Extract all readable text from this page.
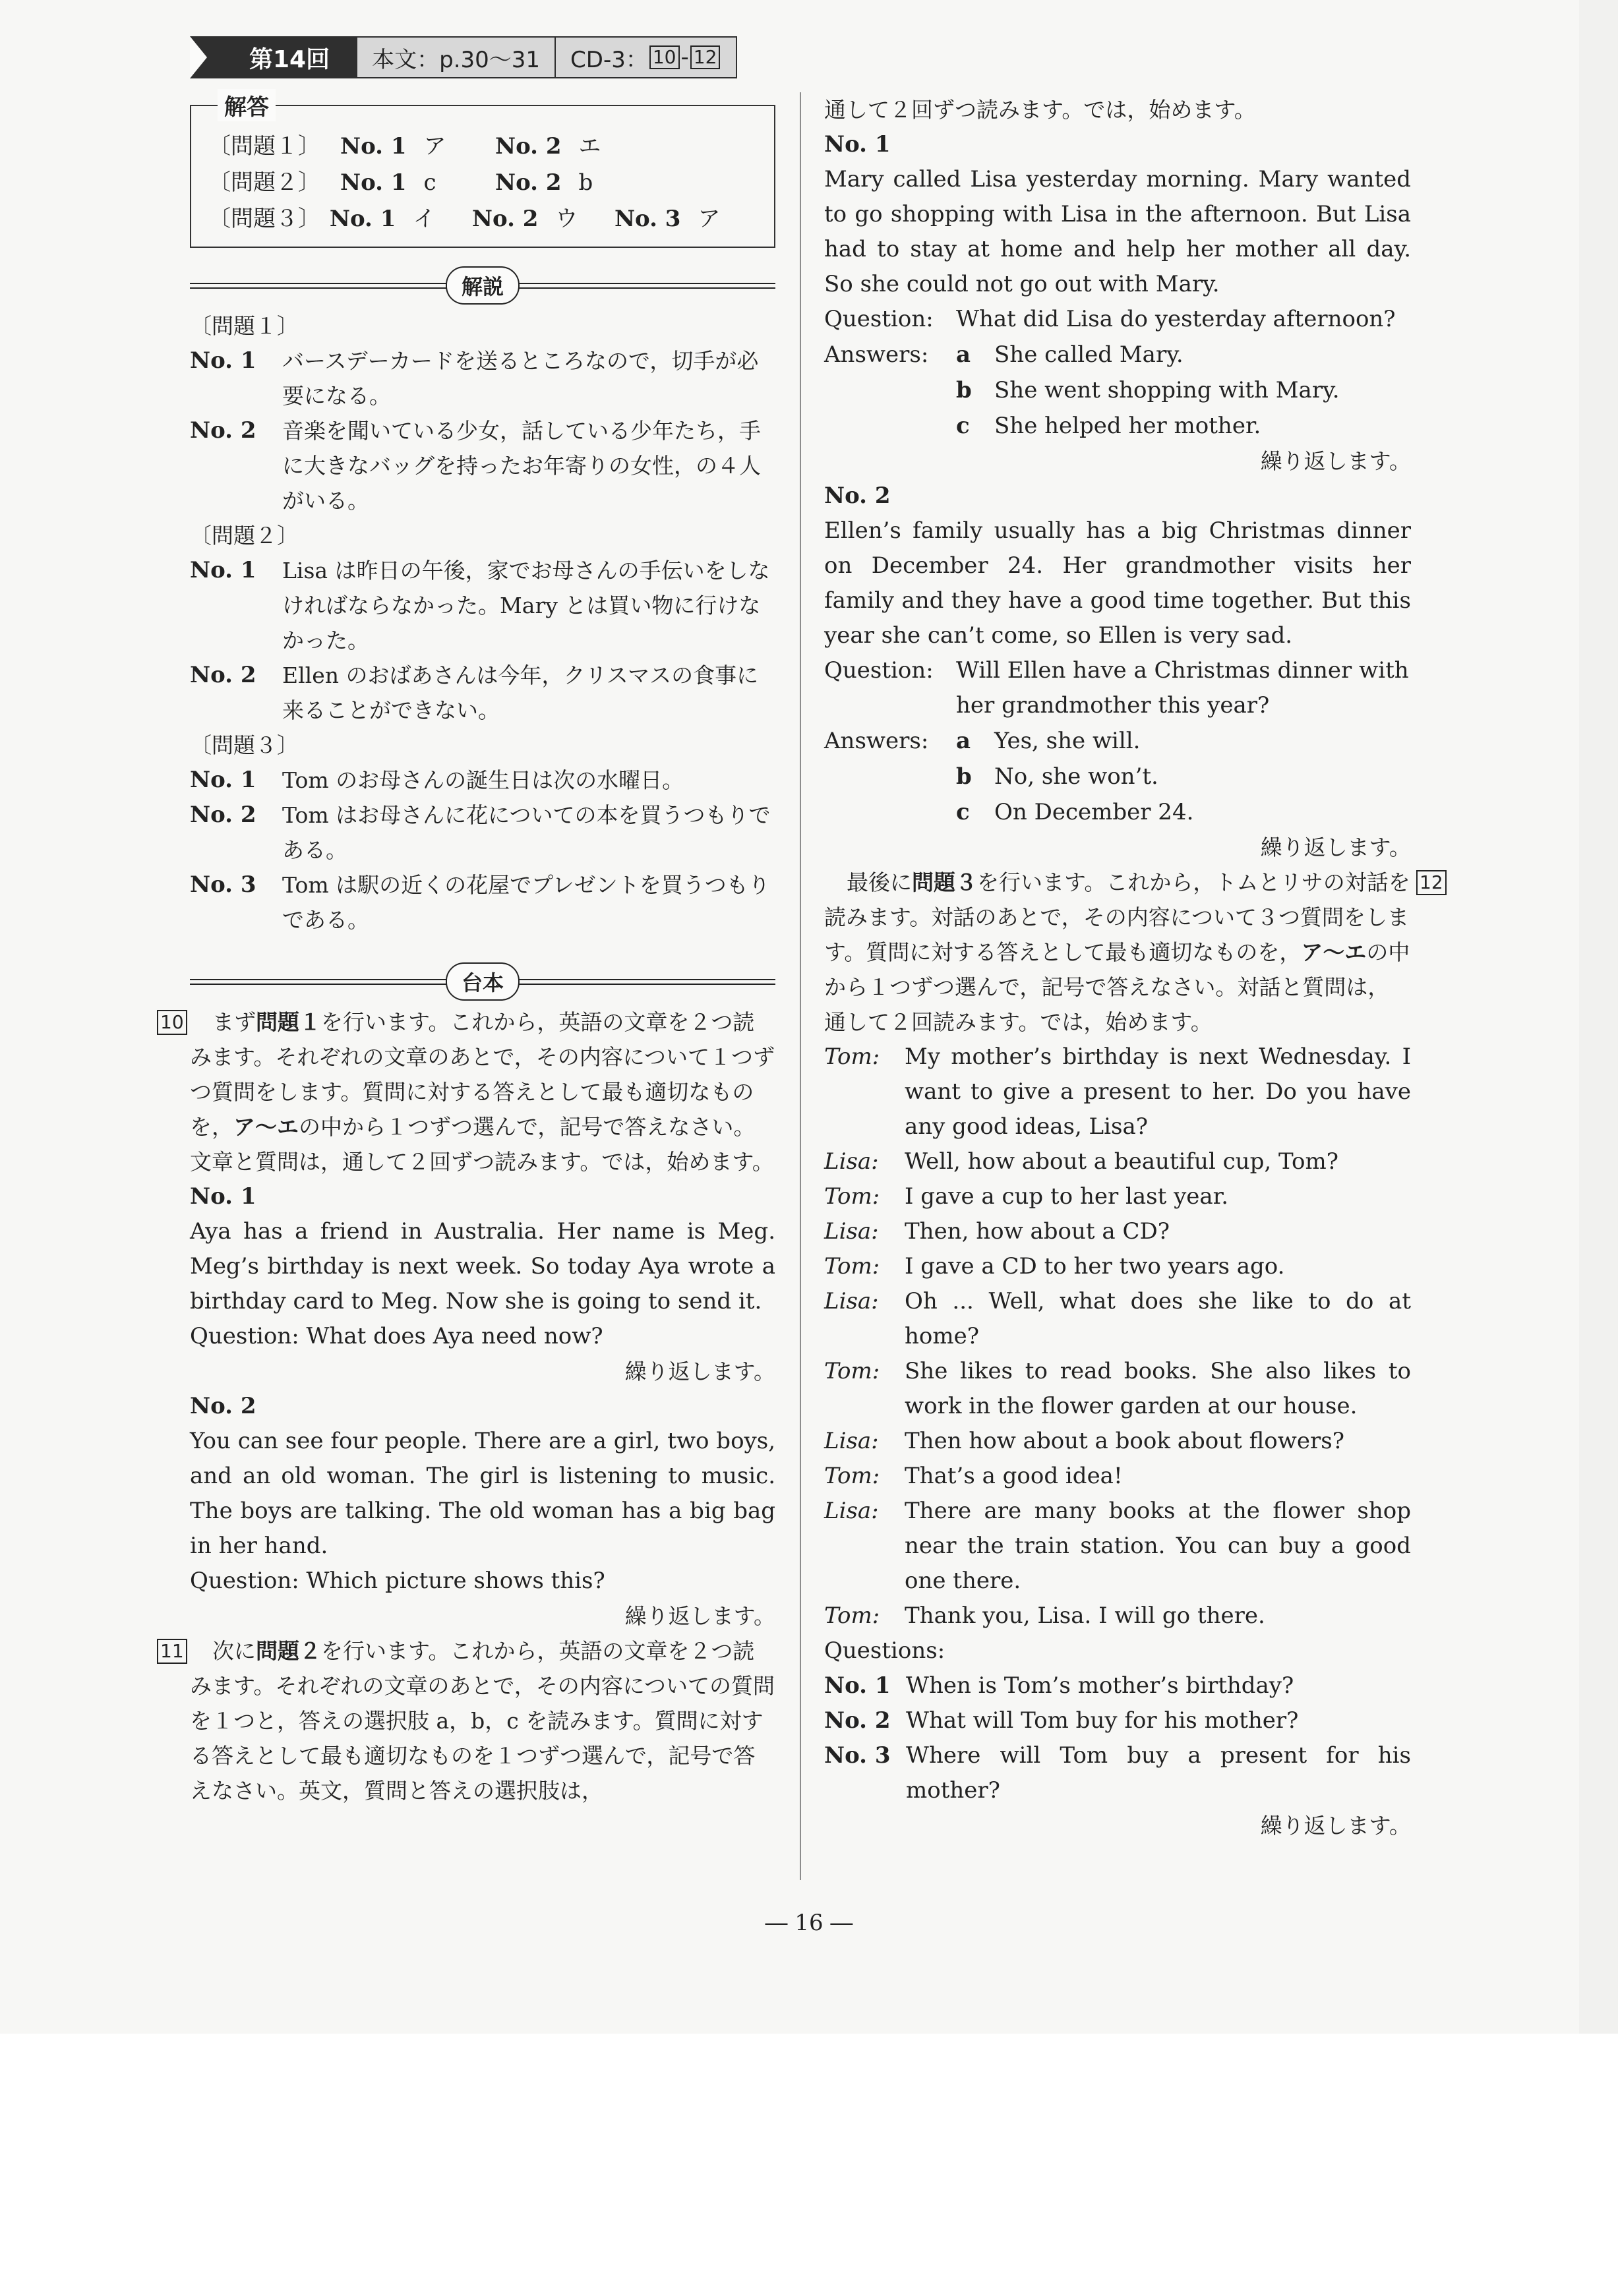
第14回	本文：p.30〜31	CD-3： 10 - 12
解答
〔問題１〕 No. 1 ア	No. 2 エ
〔問題２〕 No. 1 c	No. 2 b
〔問題３〕 No. 1 イ	No. 2 ウ	No. 3 ア
解説
〔問題１〕
No. 1	バースデーカードを送るところなので，切手が必要になる。
No. 2	音楽を聞いている少女，話している少年たち，手に大きなバッグを持ったお年寄りの女性，の４人がいる。
〔問題２〕
No. 1	Lisa は昨日の午後，家でお母さんの手伝いをしなければならなかった。Mary とは買い物に行けなかった。
No. 2	Ellen のおばあさんは今年，クリスマスの食事に来ることができない。
〔問題３〕
No. 1	Tom のお母さんの誕生日は次の水曜日。
No. 2	Tom はお母さんに花についての本を買うつもりである。
No. 3	Tom は駅の近くの花屋でプレゼントを買うつもりである。
台本
10	まず問題１を行います。これから，英語の文章を２つ読みます。それぞれの文章のあとで，その内容について１つずつ質問をします。質問に対する答えとして最も適切なものを，ア〜エの中から１つずつ選んで，記号で答えなさい。文章と質問は，通して２回ずつ読みます。では，始めます。
No. 1
Aya has a friend in Australia. Her name is Meg. Meg’s birthday is next week. So today Aya wrote a birthday card to Meg. Now she is going to send it.
Question: What does Aya need now?
繰り返します。
No. 2
You can see four people. There are a girl, two boys, and an old woman. The girl is listening to music. The boys are talking. The old woman has a big bag in her hand.
Question: Which picture shows this?
繰り返します。
11	次に問題２を行います。これから，英語の文章を２つ読みます。それぞれの文章のあとで，その内容についての質問を１つと，答えの選択肢 a，b，c を読みます。質問に対する答えとして最も適切なものを１つずつ選んで，記号で答えなさい。英文，質問と答えの選択肢は，
通して２回ずつ読みます。では，始めます。
No. 1
Mary called Lisa yesterday morning. Mary wanted to go shopping with Lisa in the afternoon. But Lisa had to stay at home and help her mother all day. So she could not go out with Mary.
Question:	What did Lisa do yesterday afternoon?
Answers:	a	She called Mary.
b	She went shopping with Mary.
c	She helped her mother.
繰り返します。
No. 2
Ellen’s family usually has a big Christmas dinner on December 24. Her grandmother visits her family and they have a good time together. But this year she can’t come, so Ellen is very sad.
Question:	Will Ellen have a Christmas dinner with her grandmother this year?
Answers:	a	Yes, she will.
b	No, she won’t.
c	On December 24.
繰り返します。
12
最後に問題３を行います。これから，トムとリサの対話を読みます。対話のあとで，その内容について３つ質問をします。質問に対する答えとして最も適切なものを，ア〜エの中から１つずつ選んで，記号で答えなさい。対話と質問は，通して２回読みます。では，始めます。
Tom:	My mother’s birthday is next Wednesday. I want to give a present to her. Do you have any good ideas, Lisa?
Lisa:	Well, how about a beautiful cup, Tom?
Tom:	I gave a cup to her last year.
Lisa:	Then, how about a CD?
Tom:	I gave a CD to her two years ago.
Lisa:	Oh ... Well, what does she like to do at home?
Tom:	She likes to read books. She also likes to work in the flower garden at our house.
Lisa:	Then how about a book about flowers?
Tom:	That’s a good idea!
Lisa:	There are many books at the flower shop near the train station. You can buy a good one there.
Tom:	Thank you, Lisa. I will go there.
Questions:
No. 1 When is Tom’s mother’s birthday?
No. 2 What will Tom buy for his mother?
No. 3 Where will Tom buy a present for his mother?
繰り返します。
― 16 ―
